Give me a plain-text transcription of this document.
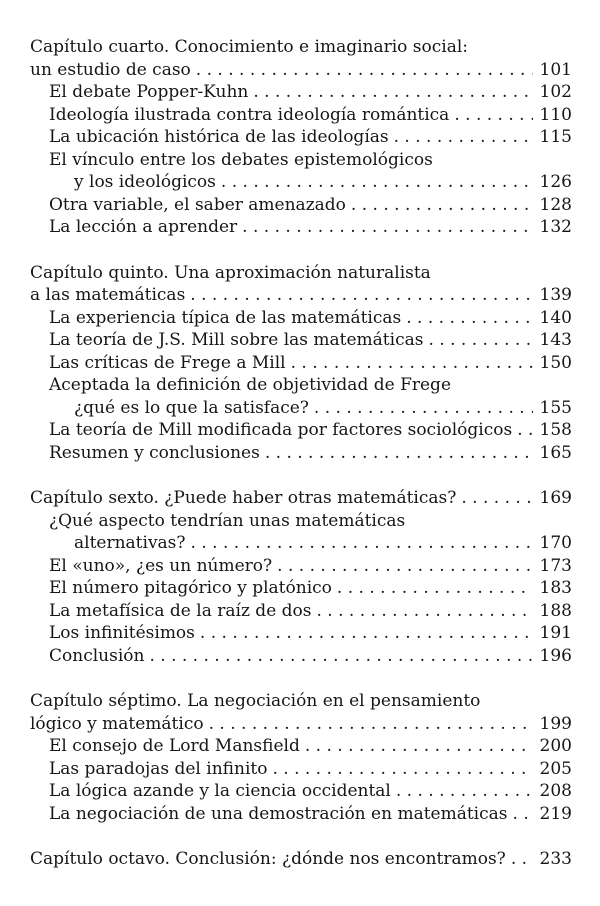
Capítulo cuarto. Conocimiento e imaginario social:
un estudio de caso . . .	101
El debate Popper-Kuhn . . .	102
Ideología ilustrada contra ideología romántica . . .	110
La ubicación histórica de las ideologías . . .	115
El vínculo entre los debates epistemológicos
y los ideológicos . . .	126
Otra variable, el saber amenazado . . .	128
La lección a aprender . . .	132
Capítulo quinto. Una aproximación naturalista
a las matemáticas . . .	139
La experiencia típica de las matemáticas . . .	140
La teoría de J.S. Mill sobre las matemáticas . . .	143
Las críticas de Frege a Mill . . .	150
Aceptada la definición de objetividad de Frege
¿qué es lo que la satisface? . . .	155
La teoría de Mill modificada por factores sociológicos . . . 158
Resumen y conclusiones . . .	165
Capítulo sexto. ¿Puede haber otras matemáticas? . . .	169
¿Qué aspecto tendrían unas matemáticas
alternativas? . . .	170
El «uno», ¿es un número? . . .	173
El número pitagórico y platónico . . .	183
La metafísica de la raíz de dos . . .	188
Los infinitésimos . . .	191
Conclusión . . .	196
Capítulo séptimo. La negociación en el pensamiento
lógico y matemático . . .	199
El consejo de Lord Mansfield . . .	200
Las paradojas del infinito . . .	205
La lógica azande y la ciencia occidental . . .	208
La negociación de una demostración en matemáticas . . . 219
Capítulo octavo. Conclusión: ¿dónde nos encontramos? . . . 233
